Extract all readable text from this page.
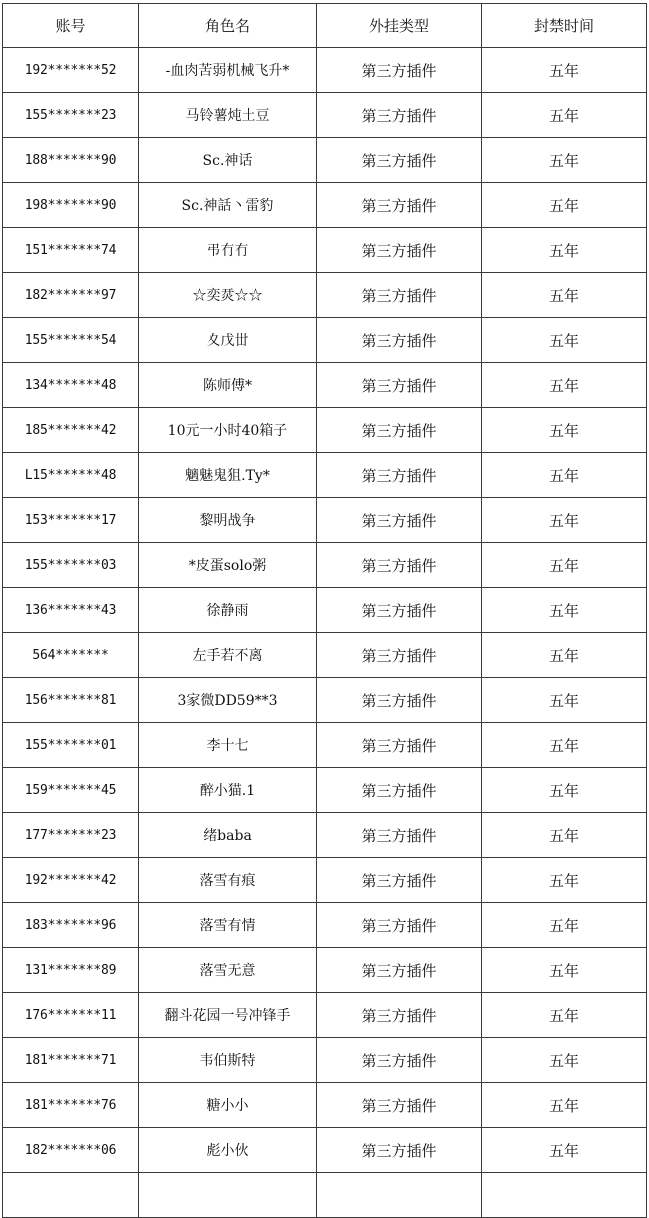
账号	角色名	外挂类型	封禁时间
192*******52	-血肉苦弱机械飞升*	第三方插件	五年
155*******23	马铃薯炖土豆	第三方插件	五年
188*******90	Sc.神话	第三方插件	五年
198*******90	Sc.神話丶雷豹	第三方插件	五年
151*******74	弔冇冇	第三方插件	五年
182*******97	☆奕烎☆☆	第三方插件	五年
155*******54	夊戊丗	第三方插件	五年
134*******48	陈师傅*	第三方插件	五年
185*******42	10元一小时40箱子	第三方插件	五年
L15*******48	魑魅鬼狙.Ty*	第三方插件	五年
153*******17	黎明战争	第三方插件	五年
155*******03	*皮蛋solo粥	第三方插件	五年
136*******43	徐静雨	第三方插件	五年
564*******	左手若不离	第三方插件	五年
156*******81	3家微DD59**3	第三方插件	五年
155*******01	李十七	第三方插件	五年
159*******45	醉小猫.1	第三方插件	五年
177*******23	绪baba	第三方插件	五年
192*******42	落雪有痕	第三方插件	五年
183*******96	落雪有情	第三方插件	五年
131*******89	落雪无意	第三方插件	五年
176*******11	翻斗花园一号冲锋手	第三方插件	五年
181*******71	韦伯斯特	第三方插件	五年
181*******76	糖小小	第三方插件	五年
182*******06	彪小伙	第三方插件	五年
